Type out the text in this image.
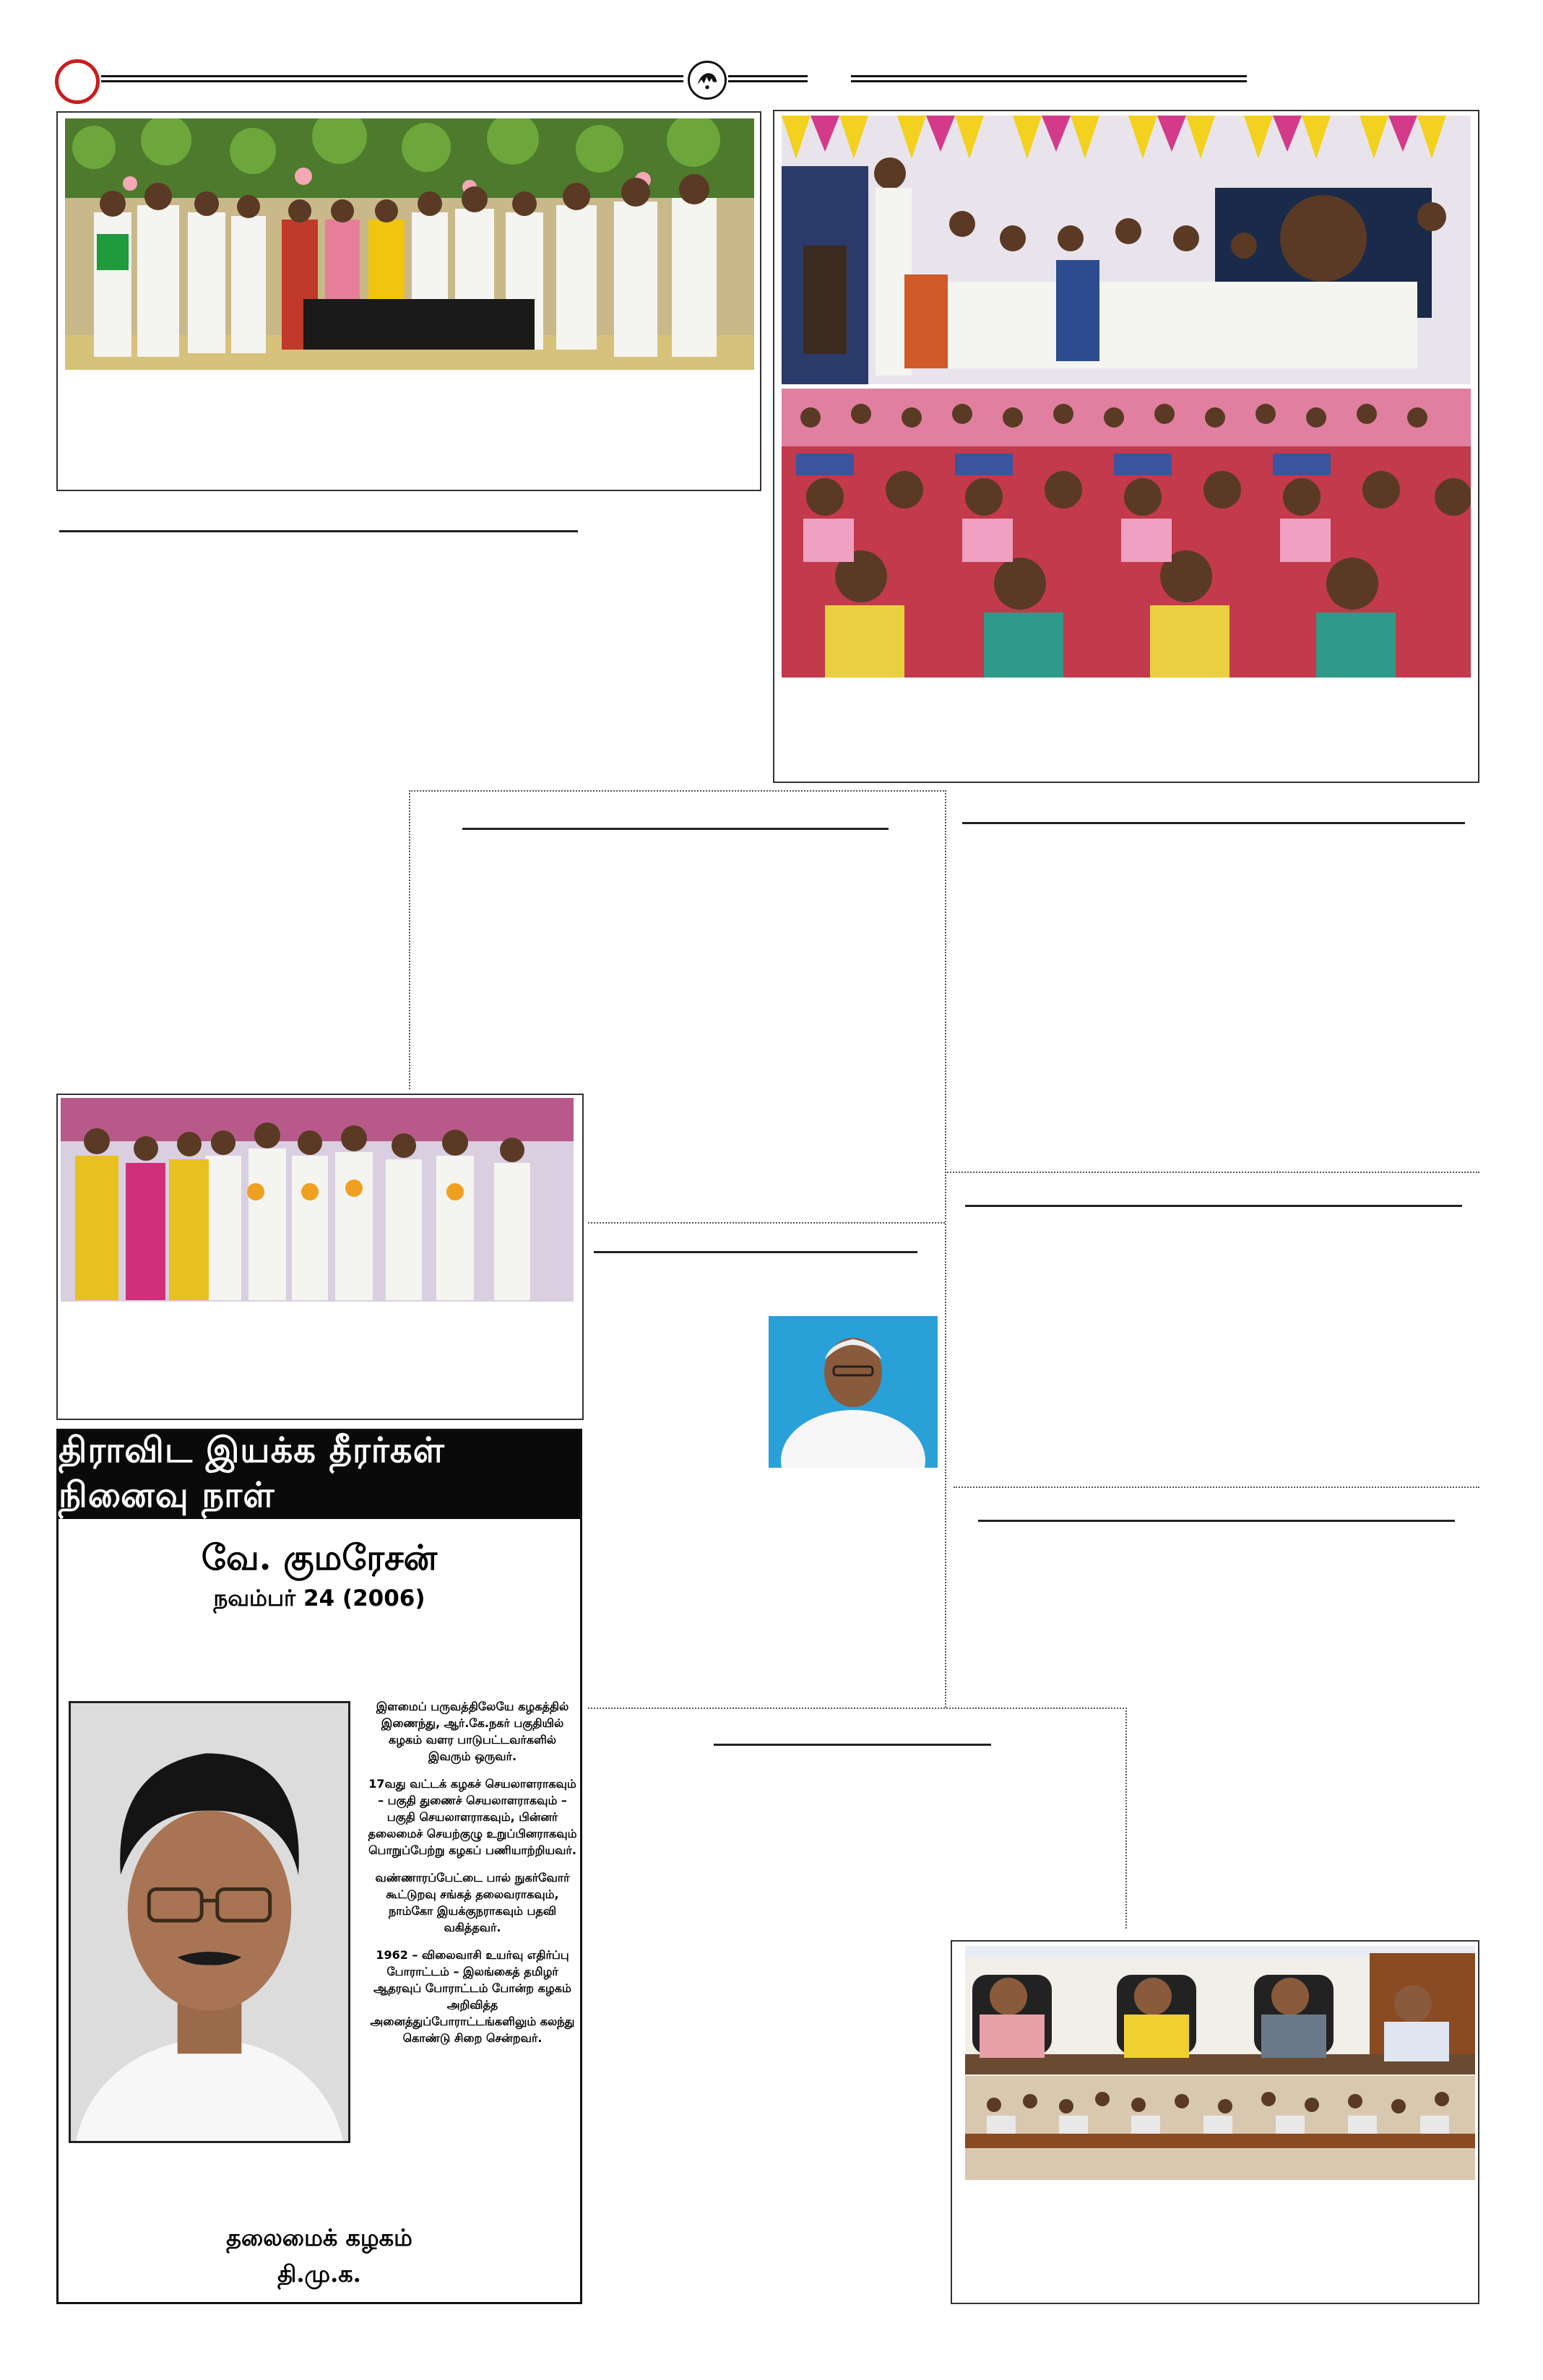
திராவிட இயக்க தீரர்கள் நினைவு நாள்
வே. குமரேசன்
நவம்பர் 24 (2006)

இளமைப் பருவத்திலேயே கழகத்தில் இணைந்து, ஆர்.கே.நகர் பகுதியில் கழகம் வளர பாடுபட்டவர்களில் இவரும் ஒருவர்.

17வது வட்டக் கழகச் செயலாளராகவும் – பகுதி துணைச் செயலாளராகவும் – பகுதி செயலாளராகவும், பின்னர் தலைமைச் செயற்குழு உறுப்பினராகவும் பொறுப்பேற்று கழகப் பணியாற்றியவர்.

வண்ணாரப்பேட்டை பால் நுகர்வோர் கூட்டுறவு சங்கத் தலைவராகவும், நாம்கோ இயக்குநராகவும் பதவி வகித்தவர்.

1962 – விலைவாசி உயர்வு எதிர்ப்பு போராட்டம் – இலங்கைத் தமிழர் ஆதரவுப் போராட்டம் போன்ற கழகம் அறிவித்த அனைத்துப்போராட்டங்களிலும் கலந்து கொண்டு சிறை சென்றவர்.

தலைமைக் கழகம்
தி.மு.க.
